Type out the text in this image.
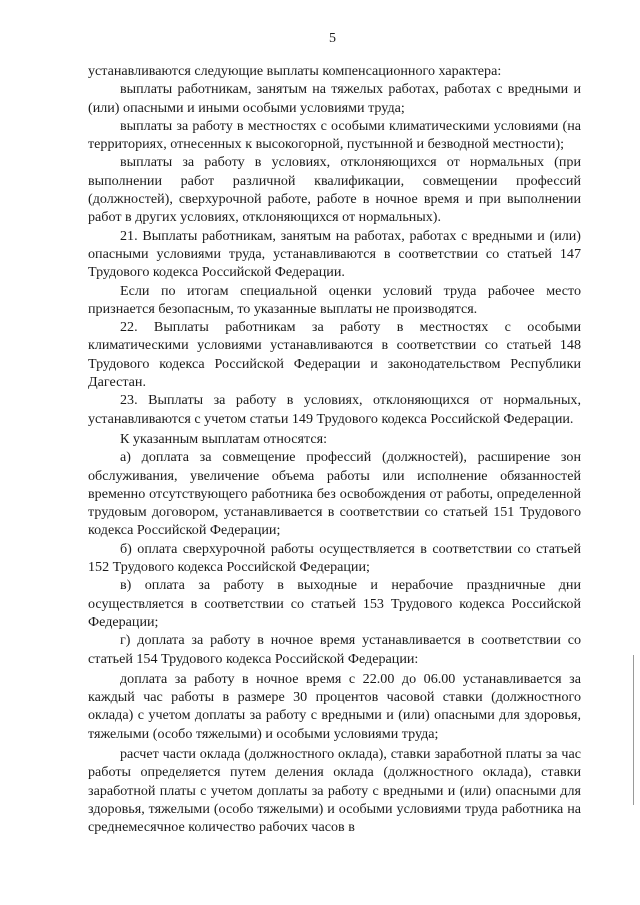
5

устанавливаются следующие выплаты компенсационного характера:

выплаты работникам, занятым на тяжелых работах, работах с вредными и (или) опасными и иными особыми условиями труда;

выплаты за работу в местностях с особыми климатическими условиями (на территориях, отнесенных к высокогорной, пустынной и безводной местности);

выплаты за работу в условиях, отклоняющихся от нормальных (при выполнении работ различной квалификации, совмещении профессий (должностей), сверхурочной работе, работе в ночное время и при выполнении работ в других условиях, отклоняющихся от нормальных).

21. Выплаты работникам, занятым на работах, работах с вредными и (или) опасными условиями труда, устанавливаются в соответствии со статьей 147 Трудового кодекса Российской Федерации.

Если по итогам специальной оценки условий труда рабочее место признается безопасным, то указанные выплаты не производятся.

22. Выплаты работникам за работу в местностях с особыми климатическими условиями устанавливаются в соответствии со статьей 148 Трудового кодекса Российской Федерации и законодательством Республики Дагестан.

23. Выплаты за работу в условиях, отклоняющихся от нормальных, устанавливаются с учетом статьи 149 Трудового кодекса Российской Федерации.

К указанным выплатам относятся:

а) доплата за совмещение профессий (должностей), расширение зон обслуживания, увеличение объема работы или исполнение обязанностей временно отсутствующего работника без освобождения от работы, определенной трудовым договором, устанавливается в соответствии со статьей 151 Трудового кодекса Российской Федерации;

б) оплата сверхурочной работы осуществляется в соответствии со статьей 152 Трудового кодекса Российской Федерации;

в) оплата за работу в выходные и нерабочие праздничные дни осуществляется в соответствии со статьей 153 Трудового кодекса Российской Федерации;

г) доплата за работу в ночное время устанавливается в соответствии со статьей 154 Трудового кодекса Российской Федерации:

доплата за работу в ночное время с 22.00 до 06.00 устанавливается за каждый час работы в размере 30 процентов часовой ставки (должностного оклада) с учетом доплаты за работу с вредными и (или) опасными для здоровья, тяжелыми (особо тяжелыми) и особыми условиями труда;

расчет части оклада (должностного оклада), ставки заработной платы за час работы определяется путем деления оклада (должностного оклада), ставки заработной платы с учетом доплаты за работу с вредными и (или) опасными для здоровья, тяжелыми (особо тяжелыми) и особыми условиями труда работника на среднемесячное количество рабочих часов в
